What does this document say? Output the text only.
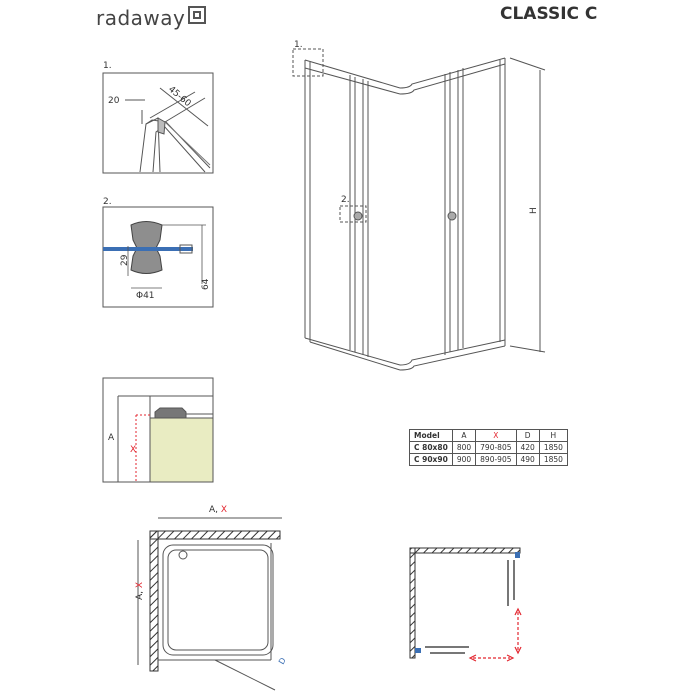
radaway	CLASSIC C
1.
20	45-60
2.
29
64
Φ41
A
X
1.
2.
H
A, X
A, X
D
Model	A	X	D	H
C 80x80	800	790-805	420	1850
C 90x90	900	890-905	490	1850
